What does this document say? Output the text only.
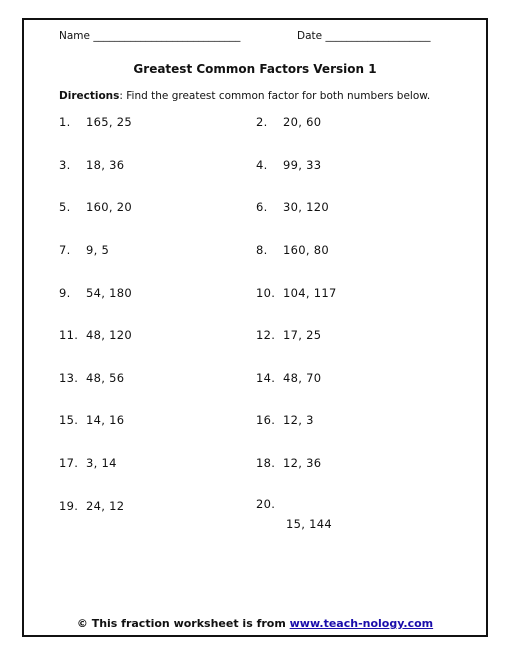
Name ____________________________	Date ____________________
Greatest Common Factors Version 1
Directions: Find the greatest common factor for both numbers below.
1. 165, 25
3. 18, 36
5. 160, 20
7. 9, 5
9. 54, 180
11. 48, 120
13. 48, 56
15. 14, 16
17. 3, 14
19. 24, 12
2. 20, 60
4. 99, 33
6. 30, 120
8. 160, 80
10. 104, 117
12. 17, 25
14. 48, 70
16. 12, 3
18. 12, 36
20.
15, 144
© This fraction worksheet is from www.teach-nology.com
